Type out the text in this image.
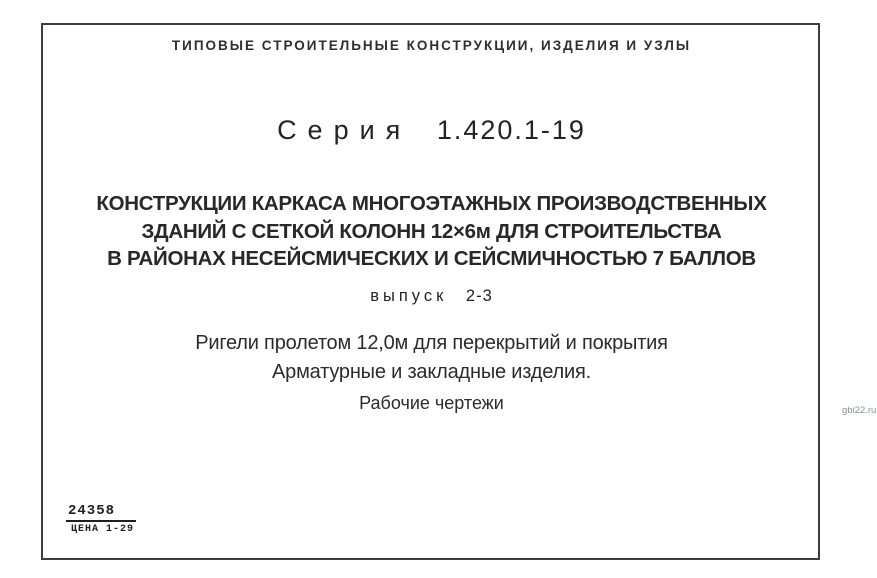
ТИПОВЫЕ СТРОИТЕЛЬНЫЕ КОНСТРУКЦИИ, ИЗДЕЛИЯ И УЗЛЫ
Серия 1.420.1-19
КОНСТРУКЦИИ КАРКАСА МНОГОЭТАЖНЫХ ПРОИЗВОДСТВЕННЫХ
ЗДАНИЙ С СЕТКОЙ КОЛОНН 12×6м ДЛЯ СТРОИТЕЛЬСТВА
В РАЙОНАХ НЕСЕЙСМИЧЕСКИХ И СЕЙСМИЧНОСТЬЮ 7 БАЛЛОВ
выпуск 2-3
Ригели пролетом 12,0м для перекрытий и покрытия
Арматурные и закладные изделия.
Рабочие чертежи
24358
ЦЕНА 1-29
gbi22.ru
